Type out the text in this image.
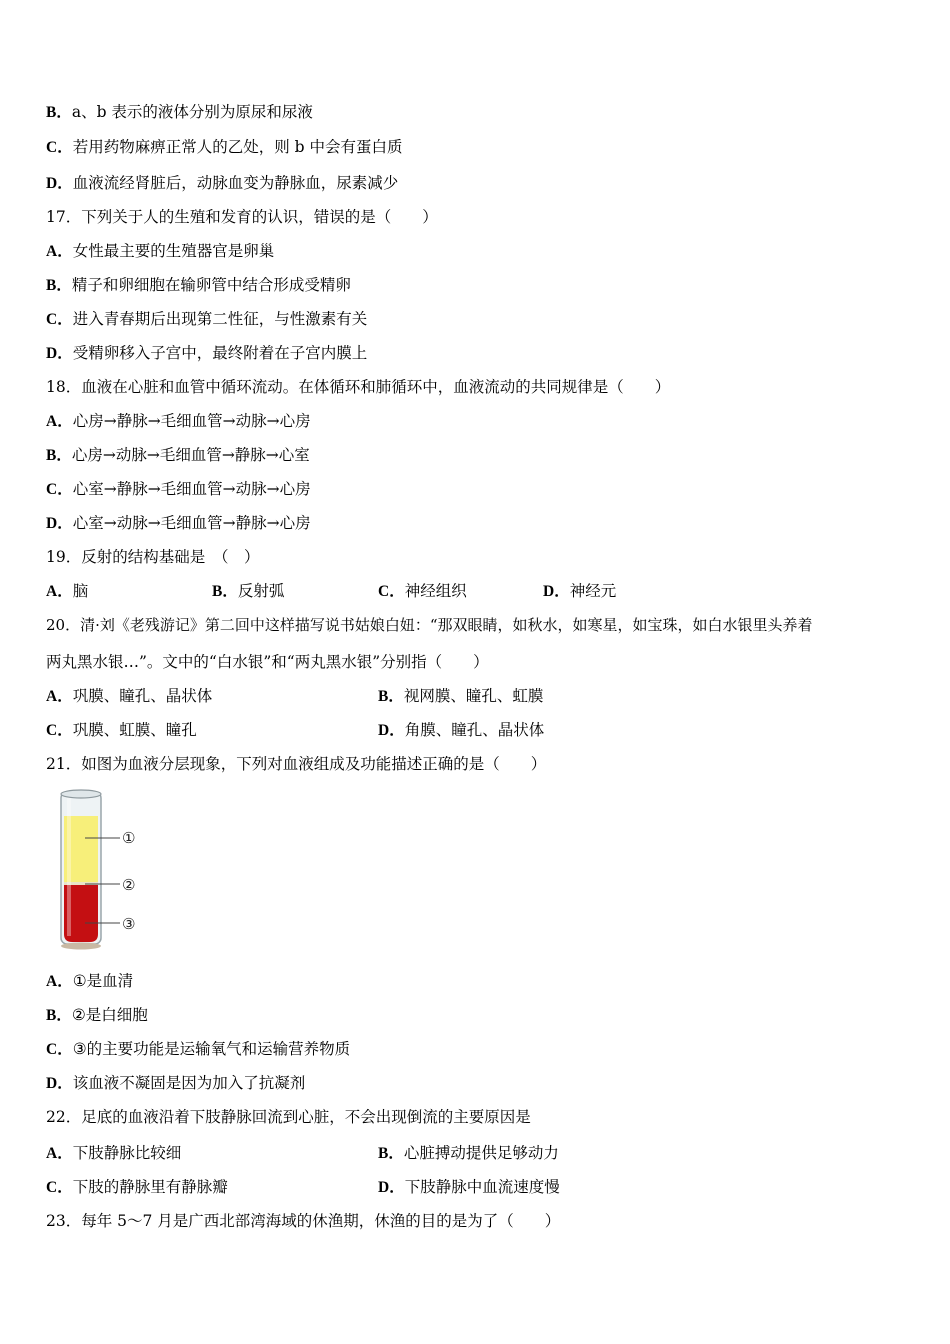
B．a、b 表示的液体分别为原尿和尿液
C．若用药物麻痹正常人的乙处，则 b 中会有蛋白质
D．血液流经肾脏后，动脉血变为静脉血，尿素减少
17．下列关于人的生殖和发育的认识，错误的是（　　）
A．女性最主要的生殖器官是卵巢
B．精子和卵细胞在输卵管中结合形成受精卵
C．进入青春期后出现第二性征，与性激素有关
D．受精卵移入子宫中，最终附着在子宫内膜上
18．血液在心脏和血管中循环流动。在体循环和肺循环中，血液流动的共同规律是（　　）
A．心房→静脉→毛细血管→动脉→心房
B．心房→动脉→毛细血管→静脉→心室
C．心室→静脉→毛细血管→动脉→心房
D．心室→动脉→毛细血管→静脉→心房
19．反射的结构基础是　（　）
A．脑	B．反射弧	C．神经组织	D．神经元
20．清·刘《老残游记》第二回中这样描写说书姑娘白妞：“那双眼睛，如秋水，如寒星，如宝珠，如白水银里头养着
两丸黑水银…”。文中的“白水银”和“两丸黑水银”分别指（　　）
A．巩膜、瞳孔、晶状体	B．视网膜、瞳孔、虹膜
C．巩膜、虹膜、瞳孔	D．角膜、瞳孔、晶状体
21．如图为血液分层现象，下列对血液组成及功能描述正确的是（　　）
①
②
③
A．①是血清
B．②是白细胞
C．③的主要功能是运输氧气和运输营养物质
D．该血液不凝固是因为加入了抗凝剂
22．足底的血液沿着下肢静脉回流到心脏，不会出现倒流的主要原因是
A．下肢静脉比较细	B．心脏搏动提供足够动力
C．下肢的静脉里有静脉瓣	D．下肢静脉中血流速度慢
23．每年 5～7 月是广西北部湾海域的休渔期，休渔的目的是为了（　　）
